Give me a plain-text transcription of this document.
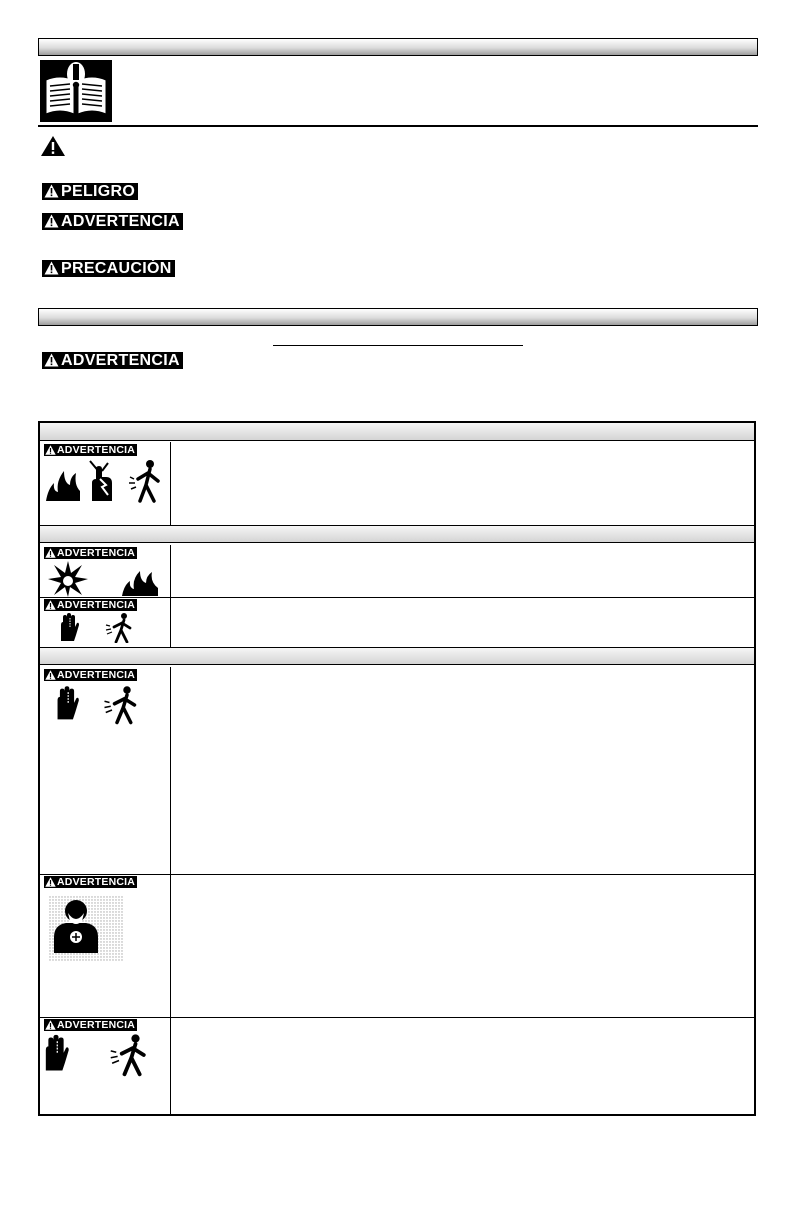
PELIGRO
ADVERTENCIA
PRECAUCIÓN
ADVERTENCIA
ADVERTENCIA
ADVERTENCIA
ADVERTENCIA
ADVERTENCIA
ADVERTENCIA
ADVERTENCIA
